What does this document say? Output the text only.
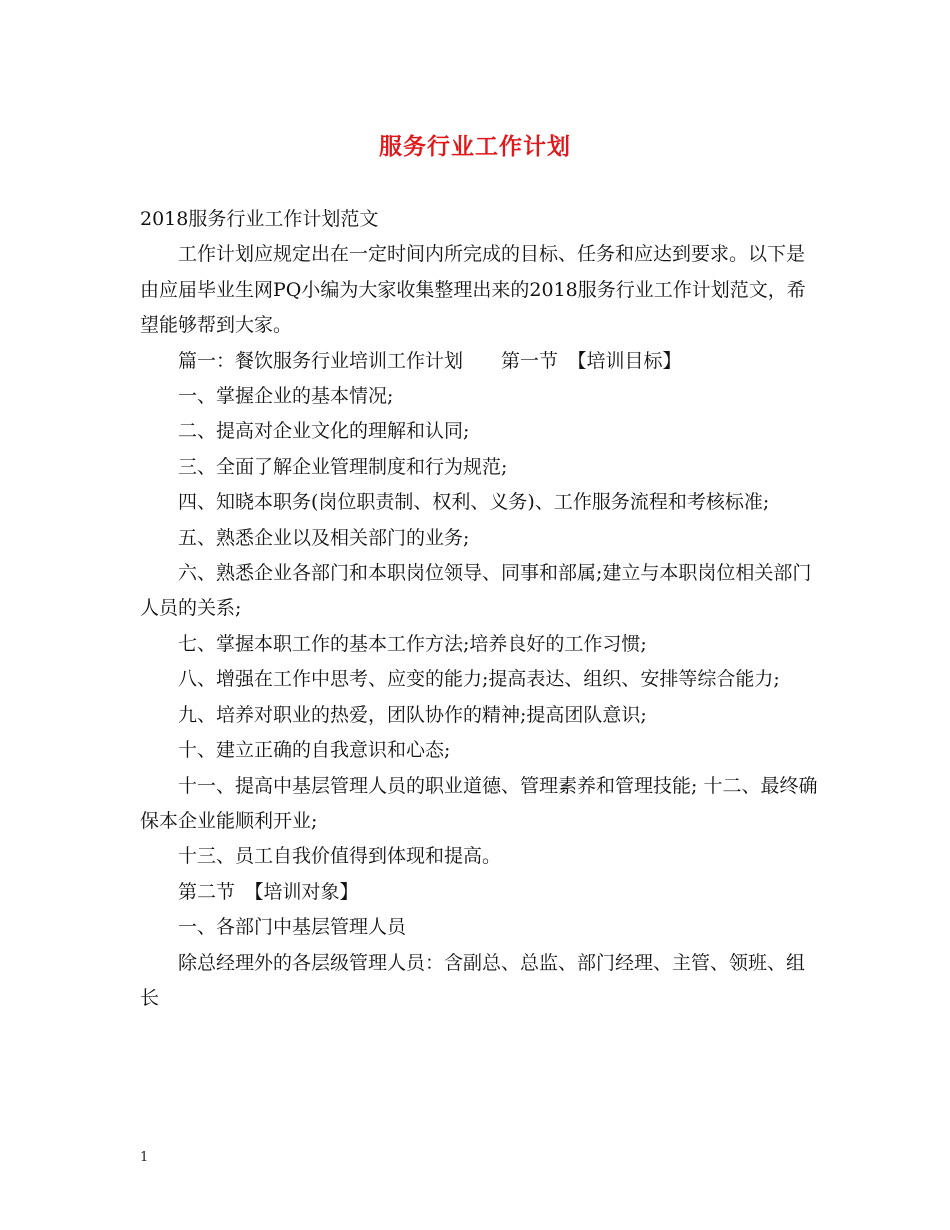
服务行业工作计划

2018服务行业工作计划范文

工作计划应规定出在一定时间内所完成的目标、任务和应达到要求。以下是由应届毕业生网PQ小编为大家收集整理出来的2018服务行业工作计划范文，希望能够帮到大家。

篇一：餐饮服务行业培训工作计划　　第一节　【培训目标】

一、掌握企业的基本情况;

二、提高对企业文化的理解和认同;

三、全面了解企业管理制度和行为规范;

四、知晓本职务(岗位职责制、权利、义务)、工作服务流程和考核标准;

五、熟悉企业以及相关部门的业务;

六、熟悉企业各部门和本职岗位领导、同事和部属;建立与本职岗位相关部门人员的关系;

七、掌握本职工作的基本工作方法;培养良好的工作习惯;

八、增强在工作中思考、应变的能力;提高表达、组织、安排等综合能力;

九、培养对职业的热爱，团队协作的精神;提高团队意识;

十、建立正确的自我意识和心态;

十一、提高中基层管理人员的职业道德、管理素养和管理技能; 十二、最终确保本企业能顺利开业;

十三、员工自我价值得到体现和提高。

第二节　【培训对象】

一、各部门中基层管理人员

除总经理外的各层级管理人员：含副总、总监、部门经理、主管、领班、组长

1
